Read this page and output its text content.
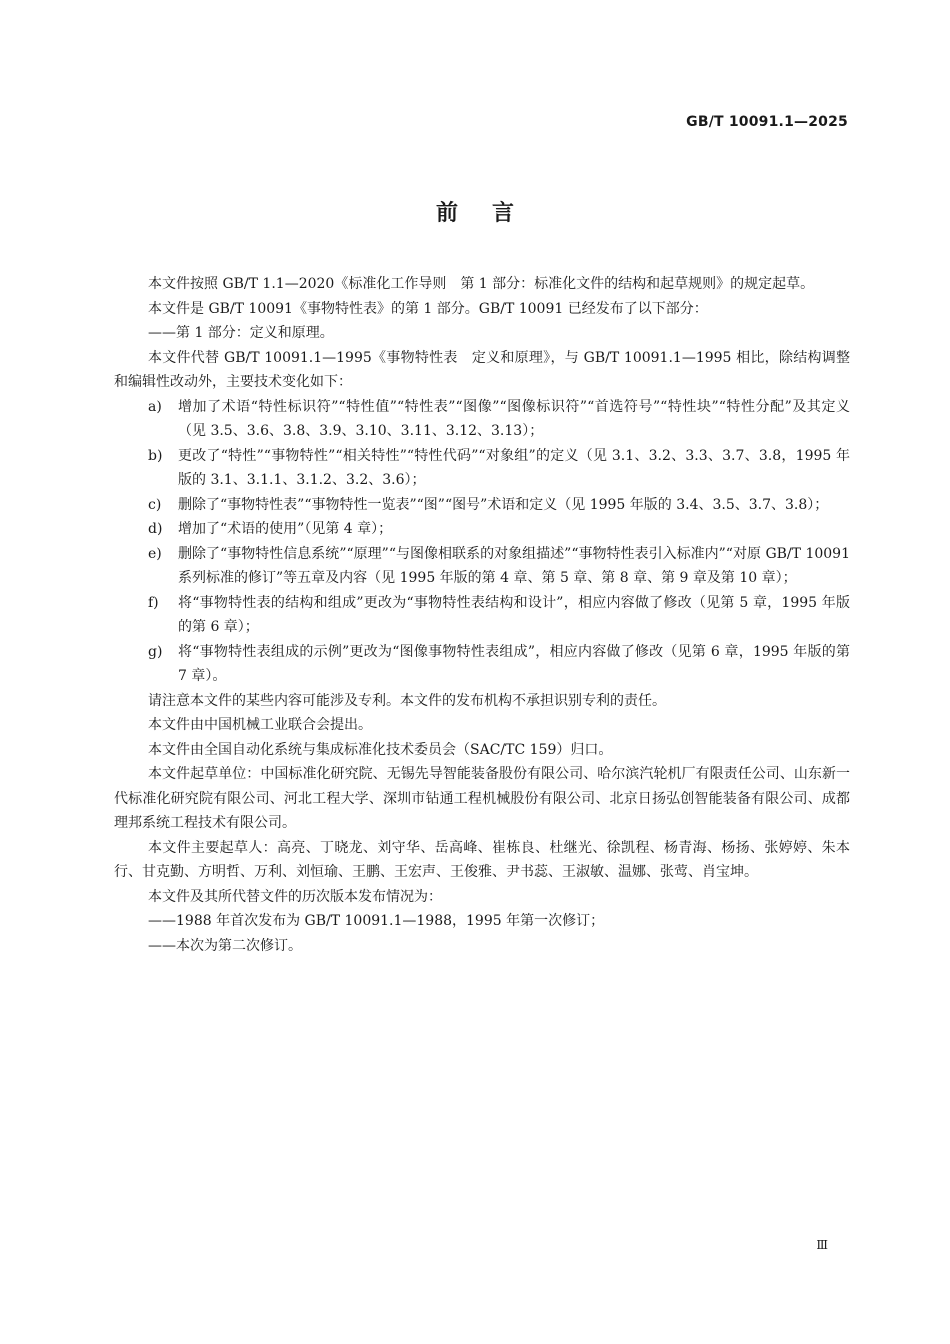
GB/T 10091.1—2025
前言

本文件按照 GB/T 1.1—2020《标准化工作导则　第 1 部分：标准化文件的结构和起草规则》的规定起草。

本文件是 GB/T 10091《事物特性表》的第 1 部分。GB/T 10091 已经发布了以下部分：

——第 1 部分：定义和原理。

本文件代替 GB/T 10091.1—1995《事物特性表　定义和原理》，与 GB/T 10091.1—1995 相比，除结构调整和编辑性改动外，主要技术变化如下：

a)	增加了术语“特性标识符”“特性值”“特性表”“图像”“图像标识符”“首选符号”“特性块”“特性分配”及其定义（见 3.5、3.6、3.8、3.9、3.10、3.11、3.12、3.13）；
b)	更改了“特性”“事物特性”“相关特性”“特性代码”“对象组”的定义（见 3.1、3.2、3.3、3.7、3.8，1995 年版的 3.1、3.1.1、3.1.2、3.2、3.6）；
c)	删除了“事物特性表”“事物特性一览表”“图”“图号”术语和定义（见 1995 年版的 3.4、3.5、3.7、3.8）；
d)	增加了“术语的使用”（见第 4 章）；
e)	删除了“事物特性信息系统”“原理”“与图像相联系的对象组描述”“事物特性表引入标准内”“对原 GB/T 10091 系列标准的修订”等五章及内容（见 1995 年版的第 4 章、第 5 章、第 8 章、第 9 章及第 10 章）；
f)	将“事物特性表的结构和组成”更改为“事物特性表结构和设计”，相应内容做了修改（见第 5 章，1995 年版的第 6 章）；
g)	将“事物特性表组成的示例”更改为“图像事物特性表组成”，相应内容做了修改（见第 6 章，1995 年版的第 7 章）。

请注意本文件的某些内容可能涉及专利。本文件的发布机构不承担识别专利的责任。

本文件由中国机械工业联合会提出。

本文件由全国自动化系统与集成标准化技术委员会（SAC/TC 159）归口。

本文件起草单位：中国标准化研究院、无锡先导智能装备股份有限公司、哈尔滨汽轮机厂有限责任公司、山东新一代标准化研究院有限公司、河北工程大学、深圳市钻通工程机械股份有限公司、北京日扬弘创智能装备有限公司、成都理邦系统工程技术有限公司。

本文件主要起草人：高亮、丁晓龙、刘守华、岳高峰、崔栋良、杜继光、徐凯程、杨青海、杨扬、张婷婷、朱本行、甘克勤、方明哲、万利、刘恒瑜、王鹏、王宏声、王俊雅、尹书蕊、王淑敏、温娜、张莺、肖宝坤。

本文件及其所代替文件的历次版本发布情况为：

——1988 年首次发布为 GB/T 10091.1—1988，1995 年第一次修订；

——本次为第二次修订。

Ⅲ
